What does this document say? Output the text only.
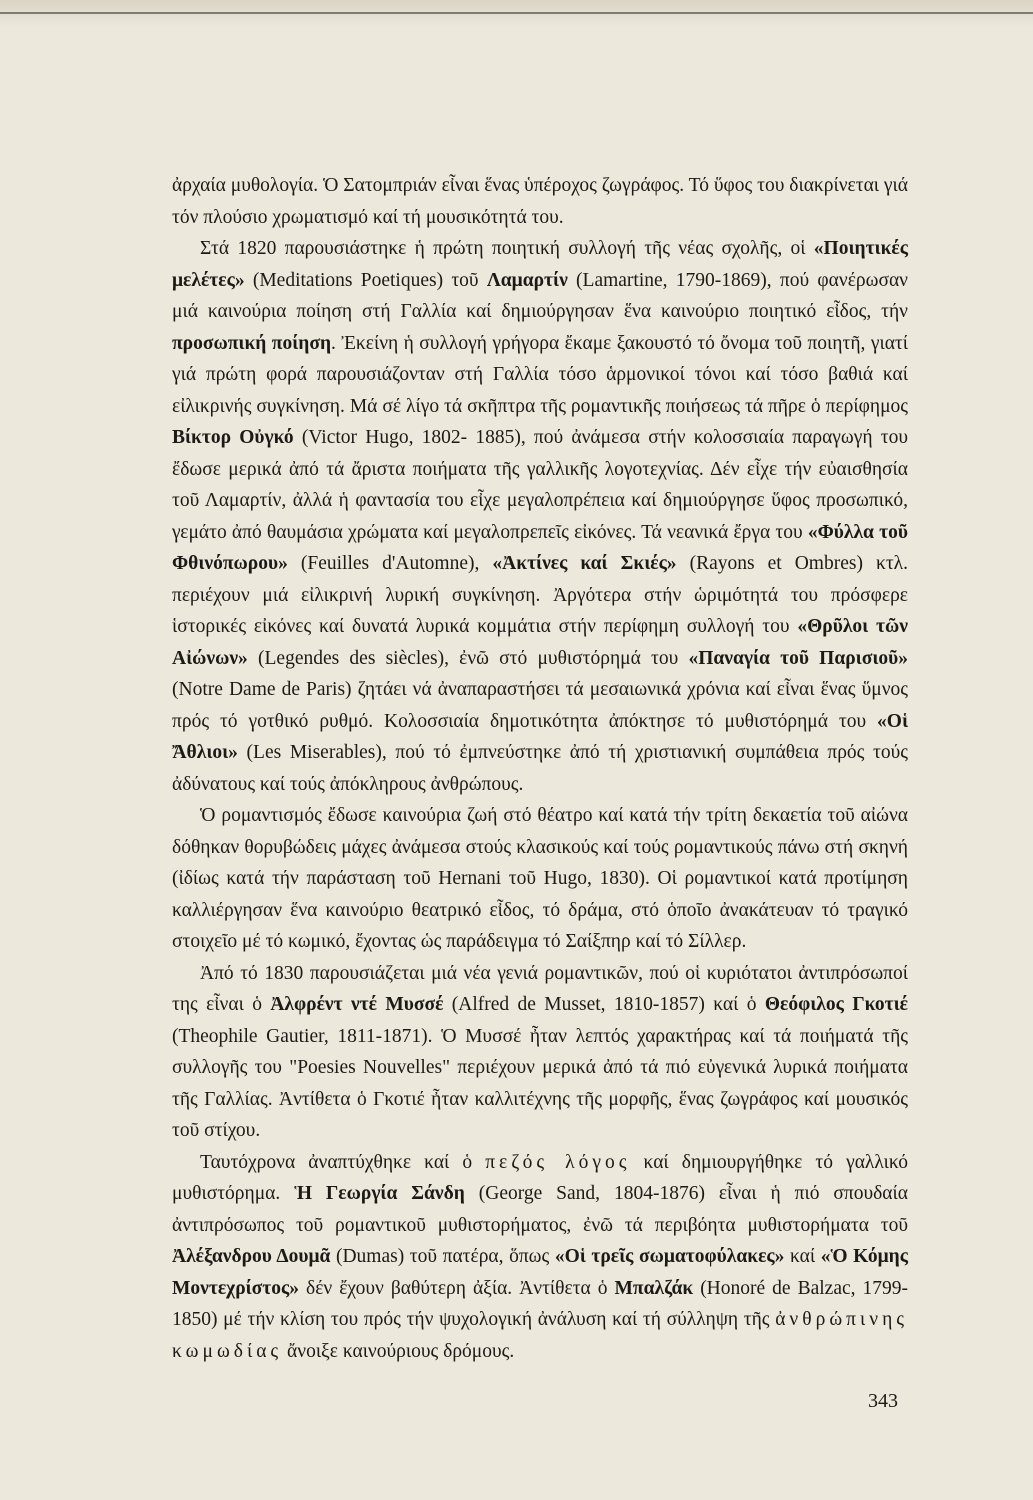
ἀρχαία μυθολογία. Ὁ Σατομπριάν εἶναι ἕνας ὑπέροχος ζωγράφος. Τό ὕφος του διακρίνεται γιά τόν πλούσιο χρωματισμό καί τή μουσικότητά του.

Στά 1820 παρουσιάστηκε ἡ πρώτη ποιητική συλλογή τῆς νέας σχολῆς, οἱ «Ποιητικές μελέτες» (Meditations Poetiques) τοῦ Λαμαρτίν (Lamartine, 1790-1869), πού φανέρωσαν μιά καινούρια ποίηση στή Γαλλία καί δημιούργησαν ἕνα καινούριο ποιητικό εἶδος, τήν προσωπική ποίηση. Ἐκείνη ἡ συλλογή γρήγορα ἔκαμε ξακουστό τό ὄνομα τοῦ ποιητῆ, γιατί γιά πρώτη φορά παρουσιάζονταν στή Γαλλία τόσο ἁρμονικοί τόνοι καί τόσο βαθιά καί εἰλικρινής συγκίνηση. Μά σέ λίγο τά σκῆπτρα τῆς ρομαντικῆς ποιήσεως τά πῆρε ὁ περίφημος Βίκτορ Οὐγκό (Victor Hugo, 1802- 1885), πού ἀνάμεσα στήν κολοσσιαία παραγωγή του ἔδωσε μερικά ἀπό τά ἄριστα ποιήματα τῆς γαλλικῆς λογοτεχνίας. Δέν εἶχε τήν εὐαισθησία τοῦ Λαμαρτίν, ἀλλά ἡ φαντασία του εἶχε μεγαλοπρέπεια καί δημιούργησε ὕφος προσωπικό, γεμάτο ἀπό θαυμάσια χρώματα καί μεγαλοπρεπεῖς εἰκόνες. Τά νεανικά ἔργα του «Φύλλα τοῦ Φθινόπωρου» (Feuilles d'Automne), «Ἀκτίνες καί Σκιές» (Rayons et Ombres) κτλ. περιέχουν μιά εἰλικρινή λυρική συγκίνηση. Ἀργότερα στήν ὡριμότητά του πρόσφερε ἱστορικές εἰκόνες καί δυνατά λυρικά κομμάτια στήν περίφημη συλλογή του «Θρῦλοι τῶν Αἰώνων» (Legendes des siècles), ἐνῶ στό μυθιστόρημά του «Παναγία τοῦ Παρισιοῦ» (Notre Dame de Paris) ζητάει νά ἀναπαραστήσει τά μεσαιωνικά χρόνια καί εἶναι ἕνας ὕμνος πρός τό γοτθικό ρυθμό. Κολοσσιαία δημοτικότητα ἀπόκτησε τό μυθιστόρημά του «Οἱ Ἄθλιοι» (Les Miserables), πού τό ἐμπνεύστηκε ἀπό τή χριστιανική συμπάθεια πρός τούς ἀδύνατους καί τούς ἀπόκληρους ἀνθρώπους.

Ὁ ρομαντισμός ἔδωσε καινούρια ζωή στό θέατρο καί κατά τήν τρίτη δεκαετία τοῦ αἰώνα δόθηκαν θορυβώδεις μάχες ἀνάμεσα στούς κλασικούς καί τούς ρομαντικούς πάνω στή σκηνή (ἰδίως κατά τήν παράσταση τοῦ Hernani τοῦ Hugo, 1830). Οἱ ρομαντικοί κατά προτίμηση καλλιέργησαν ἕνα καινούριο θεατρικό εἶδος, τό δράμα, στό ὁποῖο ἀνακάτευαν τό τραγικό στοιχεῖο μέ τό κωμικό, ἔχοντας ὡς παράδειγμα τό Σαίξπηρ καί τό Σίλλερ.

Ἀπό τό 1830 παρουσιάζεται μιά νέα γενιά ρομαντικῶν, πού οἱ κυριότατοι ἀντιπρόσωποί της εἶναι ὁ Ἀλφρέντ ντέ Μυσσέ (Alfred de Musset, 1810-1857) καί ὁ Θεόφιλος Γκοτιέ (Theophile Gautier, 1811-1871). Ὁ Μυσσέ ἦταν λεπτός χαρακτήρας καί τά ποιήματά τῆς συλλογῆς του "Poesies Nouvelles" περιέχουν μερικά ἀπό τά πιό εὐγενικά λυρικά ποιήματα τῆς Γαλλίας. Ἀντίθετα ὁ Γκοτιέ ἦταν καλλιτέχνης τῆς μορφῆς, ἕνας ζωγράφος καί μουσικός τοῦ στίχου.

Ταυτόχρονα ἀναπτύχθηκε καί ὁ πεζός λόγος καί δημιουργήθηκε τό γαλλικό μυθιστόρημα. Ἡ Γεωργία Σάνδη (George Sand, 1804-1876) εἶναι ἡ πιό σπουδαία ἀντιπρόσωπος τοῦ ρομαντικοῦ μυθιστορήματος, ἐνῶ τά περιβόητα μυθιστορήματα τοῦ Ἀλέξανδρου Δουμᾶ (Dumas) τοῦ πατέρα, ὅπως «Οἱ τρεῖς σωματοφύλακες» καί «Ὁ Κόμης Μοντεχρίστος» δέν ἔχουν βαθύτερη ἀξία. Ἀντίθετα ὁ Μπαλζάκ (Honoré de Balzac, 1799-1850) μέ τήν κλίση του πρός τήν ψυχολογική ἀνάλυση καί τή σύλληψη τῆς ἀνθρώπινης κωμωδίας ἄνοιξε καινούριους δρόμους.

343
